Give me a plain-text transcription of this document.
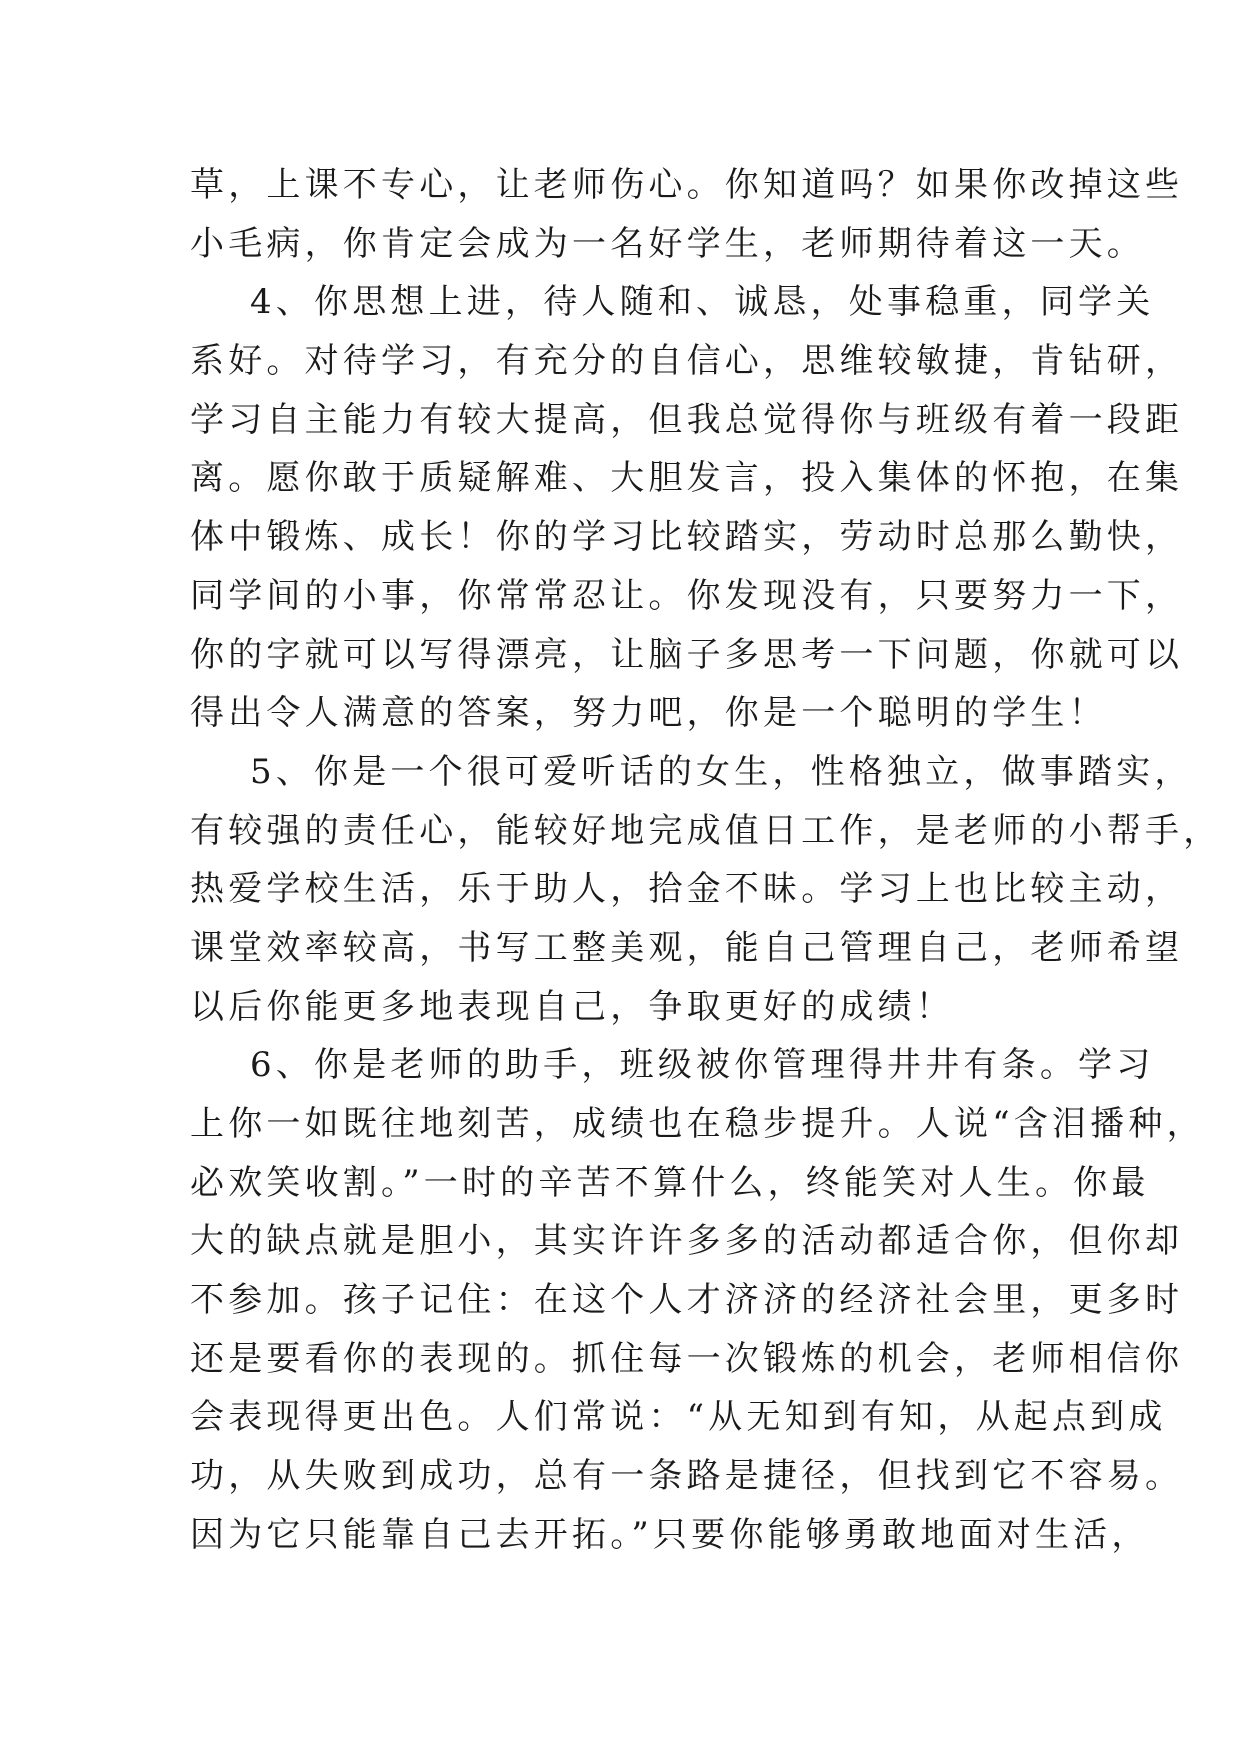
草，上课不专心，让老师伤心。你知道吗？如果你改掉这些
小毛病，你肯定会成为一名好学生，老师期待着这一天。
4、你思想上进，待人随和、诚恳，处事稳重，同学关
系好。对待学习，有充分的自信心，思维较敏捷，肯钻研，
学习自主能力有较大提高，但我总觉得你与班级有着一段距
离。愿你敢于质疑解难、大胆发言，投入集体的怀抱，在集
体中锻炼、成长！你的学习比较踏实，劳动时总那么勤快，
同学间的小事，你常常忍让。你发现没有，只要努力一下，
你的字就可以写得漂亮，让脑子多思考一下问题，你就可以
得出令人满意的答案，努力吧，你是一个聪明的学生！
5、你是一个很可爱听话的女生，性格独立，做事踏实，
有较强的责任心，能较好地完成值日工作，是老师的小帮手，
热爱学校生活，乐于助人，拾金不昧。学习上也比较主动，
课堂效率较高，书写工整美观，能自己管理自己，老师希望
以后你能更多地表现自己，争取更好的成绩！
6、你是老师的助手，班级被你管理得井井有条。学习
上你一如既往地刻苦，成绩也在稳步提升。人说“含泪播种，
必欢笑收割。”一时的辛苦不算什么，终能笑对人生。你最
大的缺点就是胆小，其实许许多多的活动都适合你，但你却
不参加。孩子记住：在这个人才济济的经济社会里，更多时
还是要看你的表现的。抓住每一次锻炼的机会，老师相信你
会表现得更出色。人们常说：“从无知到有知，从起点到成
功，从失败到成功，总有一条路是捷径，但找到它不容易。
因为它只能靠自己去开拓。”只要你能够勇敢地面对生活，
